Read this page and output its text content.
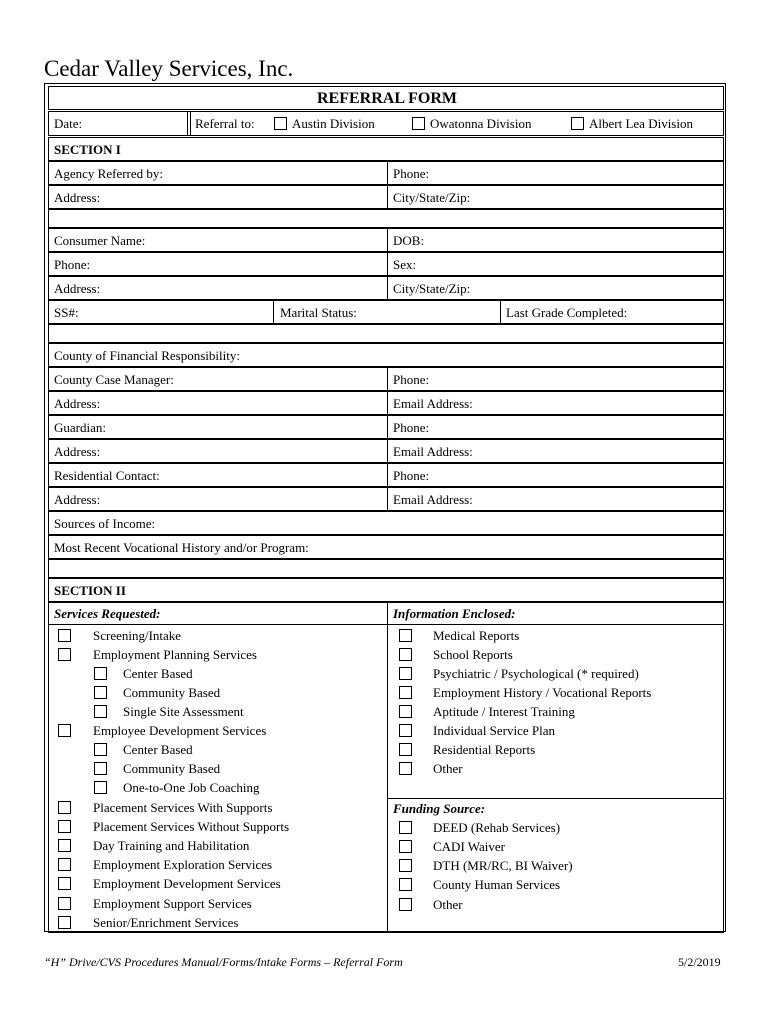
Cedar Valley Services, Inc.
REFERRAL FORM
Date:	Referral to:	Austin Division	Owatonna Division	Albert Lea Division
SECTION I
Agency Referred by:	Phone:
Address:	City/State/Zip:
Consumer Name:	DOB:
Phone:	Sex:
Address:	City/State/Zip:
SS#:	Marital Status:	Last Grade Completed:
County of Financial Responsibility:
County Case Manager:	Phone:
Address:	Email Address:
Guardian:	Phone:
Address:	Email Address:
Residential Contact:	Phone:
Address:	Email Address:
Sources of Income:
Most Recent Vocational History and/or Program:
SECTION II
Services Requested:	Information Enclosed:
Screening/Intake
Employment Planning Services
Center Based
Community Based
Single Site Assessment
Employee Development Services
Center Based
Community Based
One-to-One Job Coaching
Placement Services With Supports
Placement Services Without Supports
Day Training and Habilitation
Employment Exploration Services
Employment Development Services
Employment Support Services
Senior/Enrichment Services
Medical Reports
School Reports
Psychiatric / Psychological (* required)
Employment History / Vocational Reports
Aptitude / Interest Training
Individual Service Plan
Residential Reports
Other
Funding Source:
DEED (Rehab Services)
CADI Waiver
DTH (MR/RC, BI Waiver)
County Human Services
Other
“H” Drive/CVS Procedures Manual/Forms/Intake Forms – Referral Form	5/2/2019
